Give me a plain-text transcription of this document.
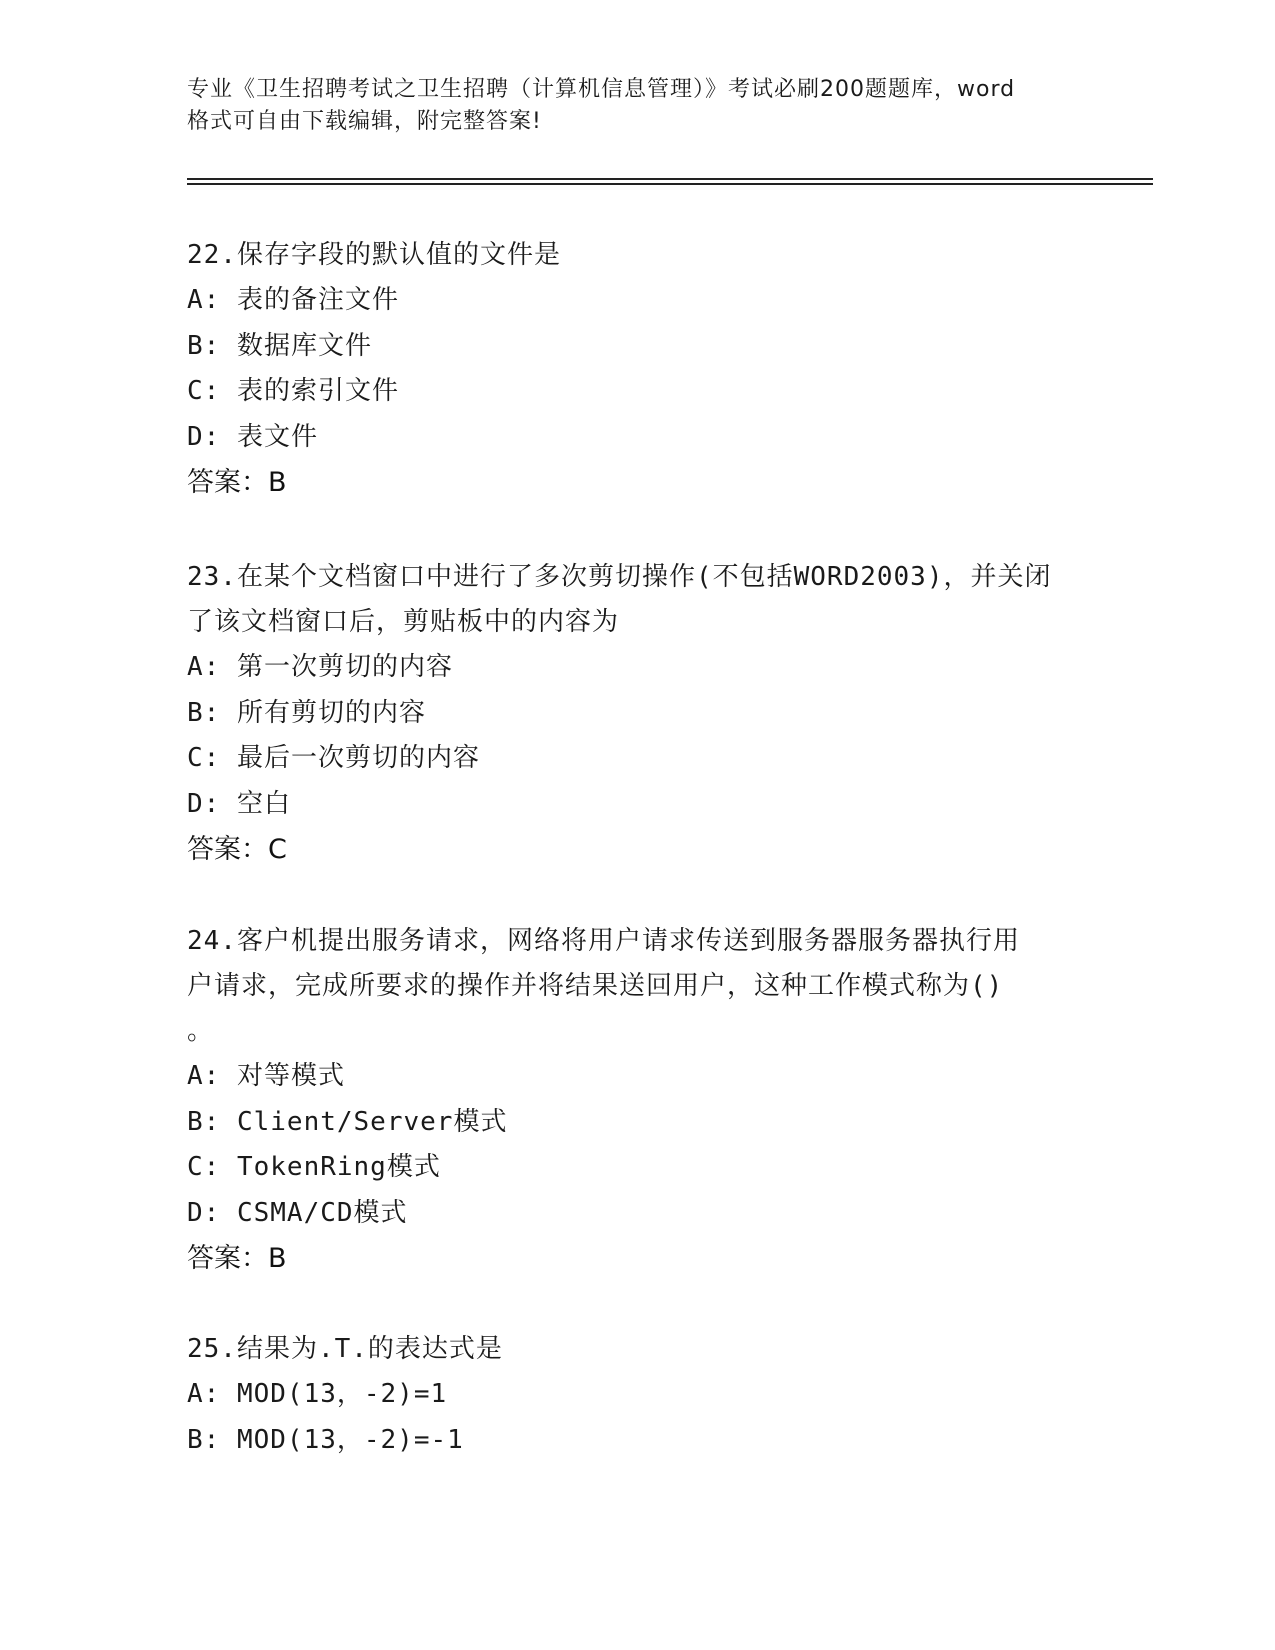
专业《卫生招聘考试之卫生招聘（计算机信息管理）》考试必刷200题题库，word
格式可自由下载编辑，附完整答案!

22.保存字段的默认值的文件是

A: 表的备注文件

B: 数据库文件

C: 表的索引文件

D: 表文件

答案：B

23.在某个文档窗口中进行了多次剪切操作(不包括WORD2003)，并关闭

了该文档窗口后，剪贴板中的内容为

A: 第一次剪切的内容

B: 所有剪切的内容

C: 最后一次剪切的内容

D: 空白

答案：C

24.客户机提出服务请求，网络将用户请求传送到服务器服务器执行用

户请求，完成所要求的操作并将结果送回用户，这种工作模式称为()

。

A: 对等模式

B: Client/Server模式

C: TokenRing模式

D: CSMA/CD模式

答案：B

25.结果为.T.的表达式是

A: MOD(13，-2)=1

B: MOD(13，-2)=-1
